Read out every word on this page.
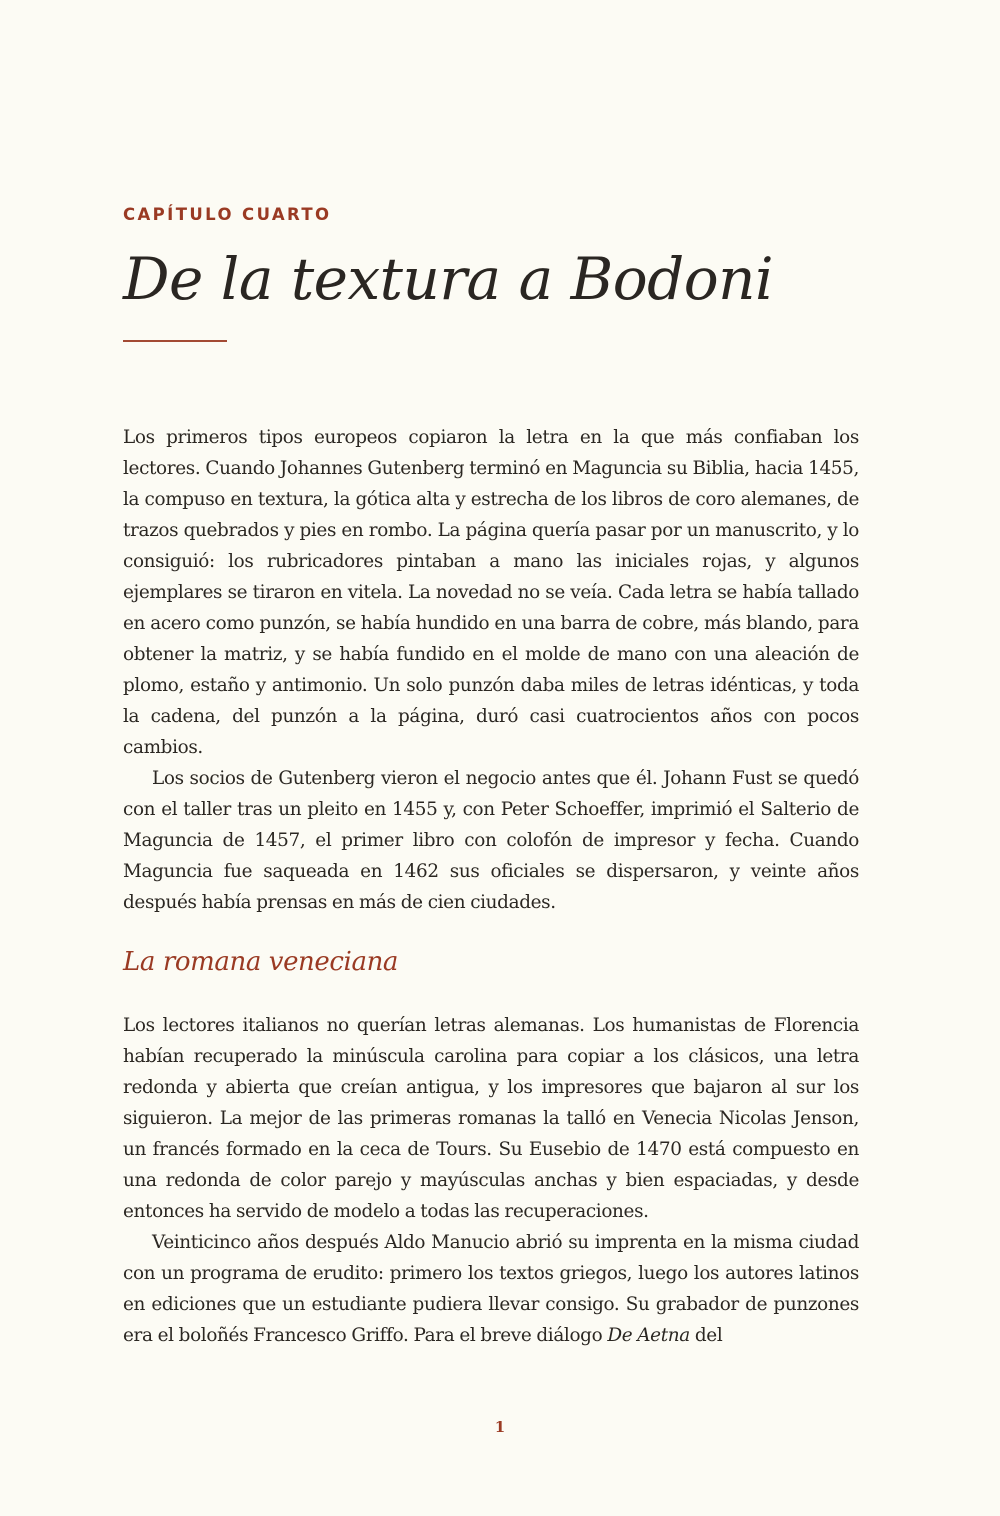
CAPÍTULO CUARTO
De la textura a Bodoni

Los primeros tipos europeos copiaron la letra en la que más confiaban los lectores. Cuando Johannes Gutenberg terminó en Maguncia su Biblia, hacia 1455, la compuso en textura, la gótica alta y estrecha de los libros de coro alemanes, de trazos quebrados y pies en rombo. La página quería pasar por un manuscrito, y lo consiguió: los rubricadores pintaban a mano las iniciales rojas, y algunos ejemplares se tiraron en vitela. La novedad no se veía. Cada letra se había tallado en acero como punzón, se había hundido en una barra de cobre, más blando, para obtener la matriz, y se había fundido en el molde de mano con una aleación de plomo, estaño y antimonio. Un solo punzón daba miles de letras idénticas, y toda la cadena, del punzón a la página, duró casi cuatrocientos años con pocos cambios.

Los socios de Gutenberg vieron el negocio antes que él. Johann Fust se quedó con el taller tras un pleito en 1455 y, con Peter Schoeffer, imprimió el Salterio de Maguncia de 1457, el primer libro con colofón de impresor y fecha. Cuando Maguncia fue saqueada en 1462 sus oficiales se dispersaron, y veinte años después había prensas en más de cien ciudades.

La romana veneciana

Los lectores italianos no querían letras alemanas. Los humanistas de Florencia habían recuperado la minúscula carolina para copiar a los clásicos, una letra redonda y abierta que creían antigua, y los impresores que bajaron al sur los siguieron. La mejor de las primeras romanas la talló en Venecia Nicolas Jenson, un francés formado en la ceca de Tours. Su Eusebio de 1470 está compuesto en una redonda de color parejo y mayúsculas anchas y bien espaciadas, y desde entonces ha servido de modelo a todas las recuperaciones.

Veinticinco años después Aldo Manucio abrió su imprenta en la misma ciudad con un programa de erudito: primero los textos griegos, luego los autores latinos en ediciones que un estudiante pudiera llevar consigo. Su grabador de punzones era el boloñés Francesco Griffo. Para el breve diálogo De Aetna del

1
